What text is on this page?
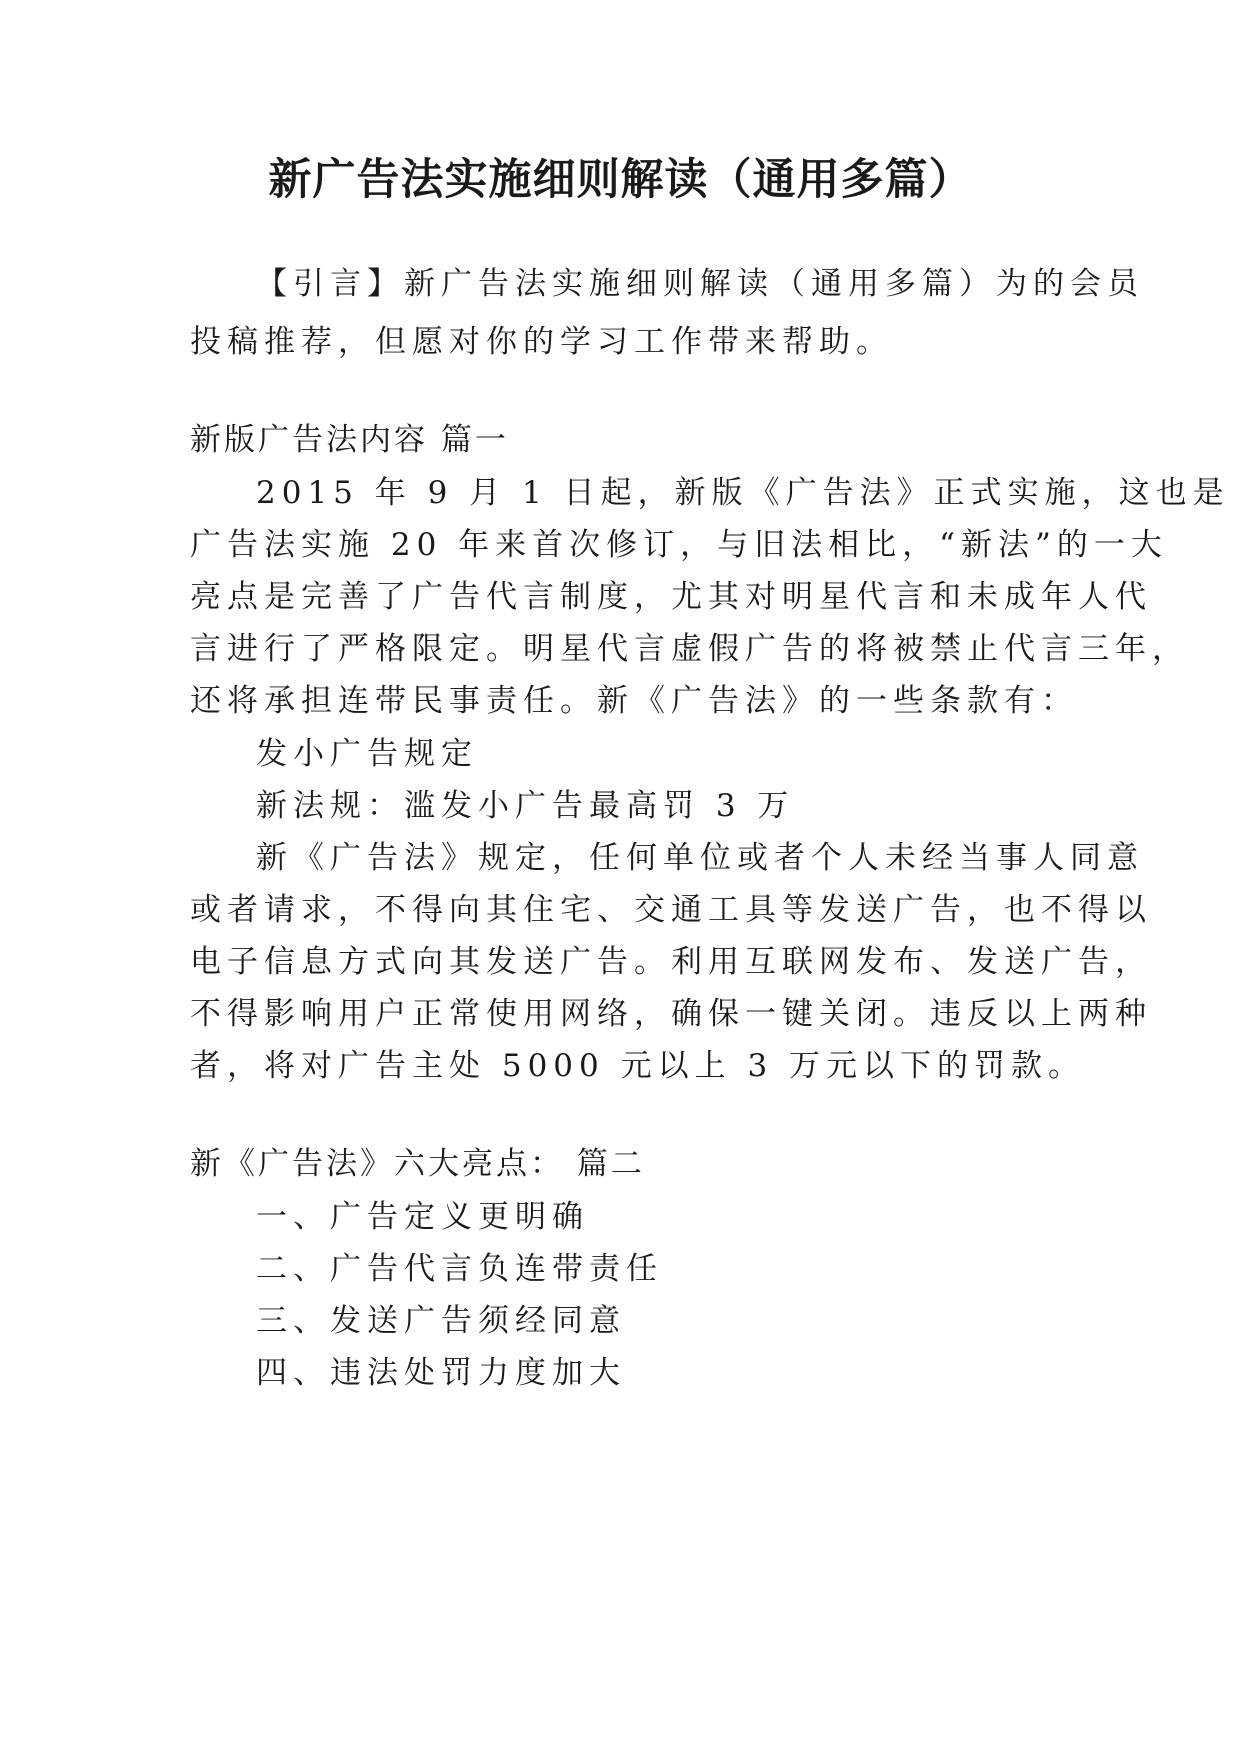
新广告法实施细则解读（通用多篇）

【引言】新广告法实施细则解读（通用多篇）为的会员

投稿推荐，但愿对你的学习工作带来帮助。

新版广告法内容 篇一

2015 年 9 月 1 日起，新版《广告法》正式实施，这也是

广告法实施 20 年来首次修订，与旧法相比，“新法”的一大

亮点是完善了广告代言制度，尤其对明星代言和未成年人代

言进行了严格限定。明星代言虚假广告的将被禁止代言三年，

还将承担连带民事责任。新《广告法》的一些条款有：

发小广告规定

新法规：滥发小广告最高罚 3 万

新《广告法》规定，任何单位或者个人未经当事人同意

或者请求，不得向其住宅、交通工具等发送广告，也不得以

电子信息方式向其发送广告。利用互联网发布、发送广告，

不得影响用户正常使用网络，确保一键关闭。违反以上两种

者，将对广告主处 5000 元以上 3 万元以下的罚款。

新《广告法》六大亮点： 篇二

一、广告定义更明确

二、广告代言负连带责任

三、发送广告须经同意

四、违法处罚力度加大
